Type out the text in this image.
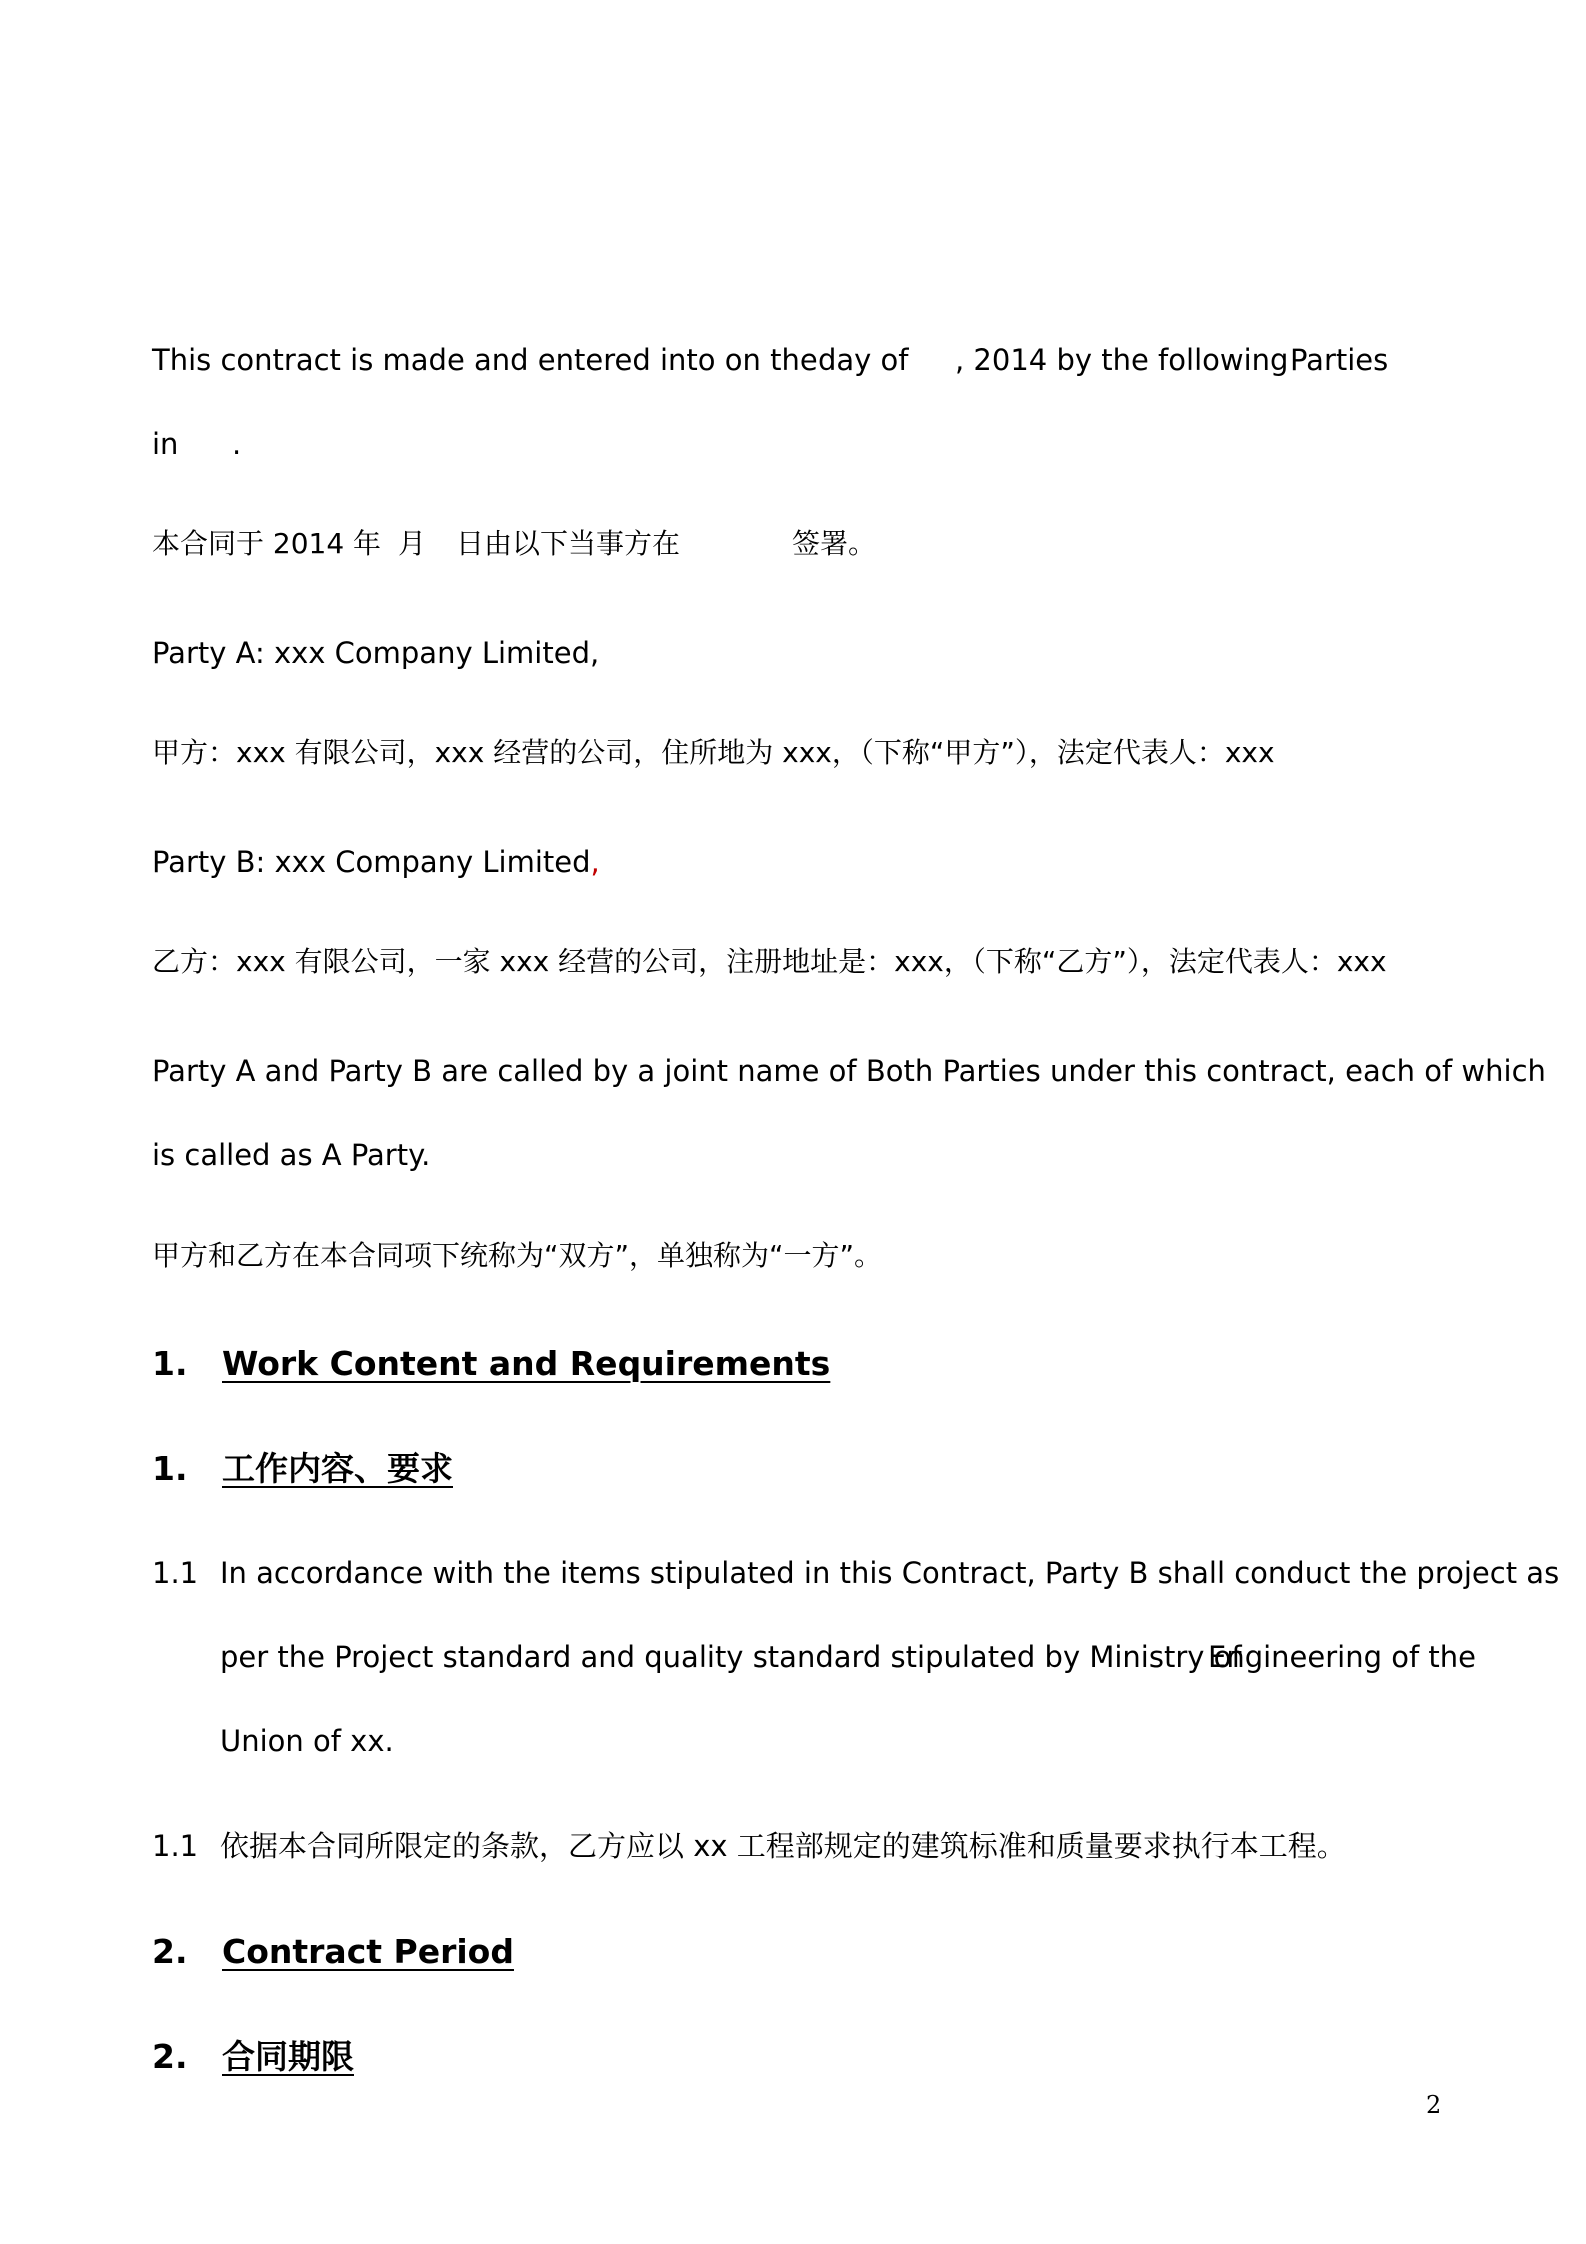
This contract is made and entered into on the day of , 2014 by the following Parties
in .
本合同于 2014 年 月 日由以下当事方在	签署。
Party A: xxx Company Limited,
甲方：xxx 有限公司，xxx 经营的公司，住所地为 xxx，（下称“甲方”），法定代表人：xxx
Party B: xxx Company Limited,
乙方：xxx 有限公司，一家 xxx 经营的公司，注册地址是：xxx，（下称“乙方”），法定代表人：xxx
Party A and Party B are called by a joint name of Both Parties under this contract, each of which
is called as A Party.
甲方和乙方在本合同项下统称为“双方”，单独称为“一方”。
1. Work Content and Requirements
1. 工作内容、要求
1.1 In accordance with the items stipulated in this Contract, Party B shall conduct the project as
per the Project standard and quality standard stipulated by Ministry of
Engineering of the
Union of xx.
1.1 依据本合同所限定的条款，乙方应以 xx 工程部规定的建筑标准和质量要求执行本工程。
2. Contract Period
2. 合同期限
2
